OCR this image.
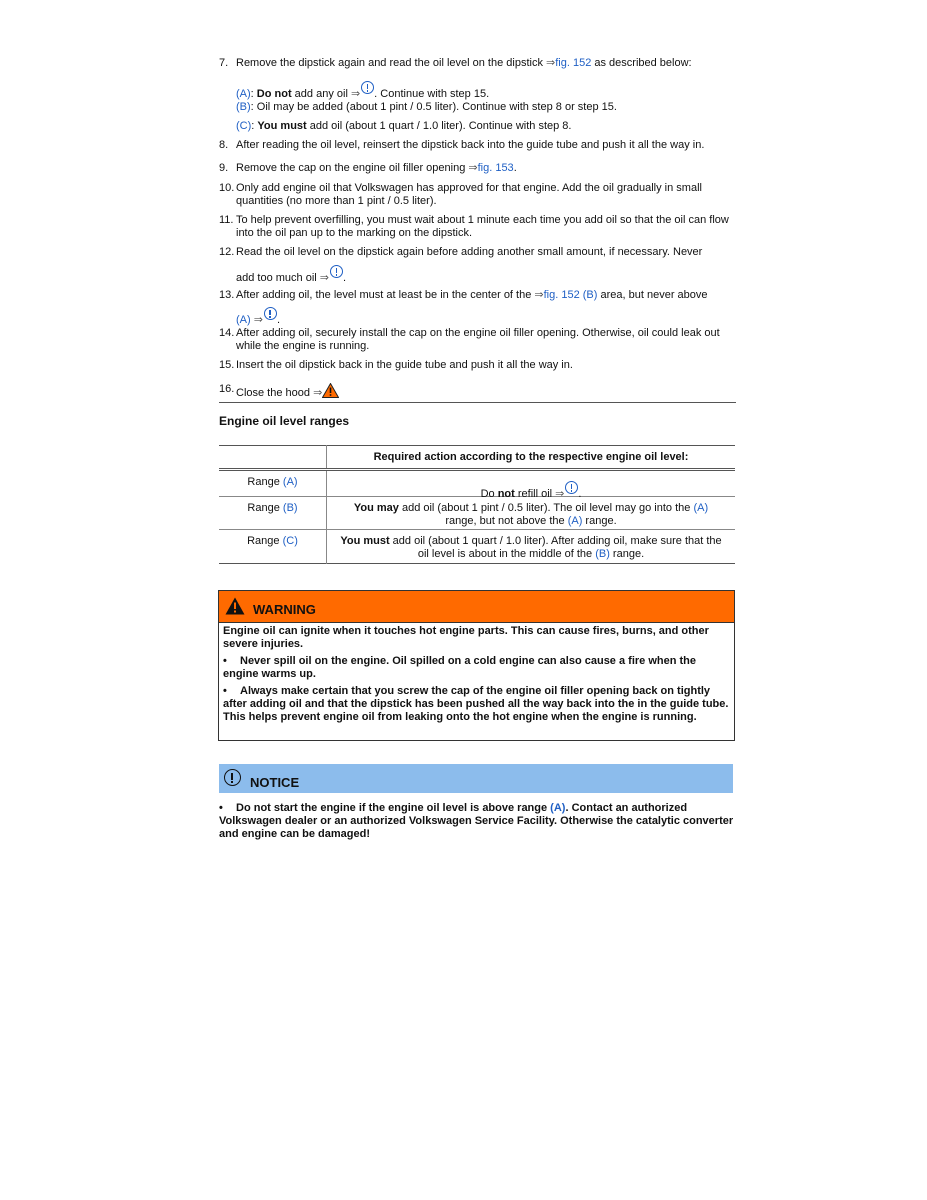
7. Remove the dipstick again and read the oil level on the dipstick ⇒fig. 152 as described below:
(A): Do not add any oil ⇒ . Continue with step 15.
(B): Oil may be added (about 1 pint / 0.5 liter). Continue with step 8 or step 15.
(C): You must add oil (about 1 quart / 1.0 liter). Continue with step 8.
8. After reading the oil level, reinsert the dipstick back into the guide tube and push it all the way in.
9. Remove the cap on the engine oil filler opening ⇒fig. 153.
10. Only add engine oil that Volkswagen has approved for that engine. Add the oil gradually in small quantities (no more than 1 pint / 0.5 liter).
11. To help prevent overfilling, you must wait about 1 minute each time you add oil so that the oil can flow into the oil pan up to the marking on the dipstick.
12. Read the oil level on the dipstick again before adding another small amount, if necessary. Never
add too much oil ⇒ .
13. After adding oil, the level must at least be in the center of the ⇒fig. 152 (B) area, but never above
(A) ⇒ .
14. After adding oil, securely install the cap on the engine oil filler opening. Otherwise, oil could leak out while the engine is running.
15. Insert the oil dipstick back in the guide tube and push it all the way in.
16. Close the hood ⇒
Engine oil level ranges
	Required action according to the respective engine oil level:
Range (A)	Do not refill oil ⇒ .
Range (B)	You may add oil (about 1 pint / 0.5 liter). The oil level may go into the (A)
range, but not above the (A) range.
Range (C)	You must add oil (about 1 quart / 1.0 liter). After adding oil, make sure that the
oil level is about in the middle of the (B) range.
WARNING

Engine oil can ignite when it touches hot engine parts. This can cause fires, burns, and other severe injuries.

• Never spill oil on the engine. Oil spilled on a cold engine can also cause a fire when the engine warms up.

• Always make certain that you screw the cap of the engine oil filler opening back on tightly after adding oil and that the dipstick has been pushed all the way back into the in the guide tube. This helps prevent engine oil from leaking onto the hot engine when the engine is running.

NOTICE
• Do not start the engine if the engine oil level is above range (A). Contact an authorized Volkswagen dealer or an authorized Volkswagen Service Facility. Otherwise the catalytic converter and engine can be damaged!
